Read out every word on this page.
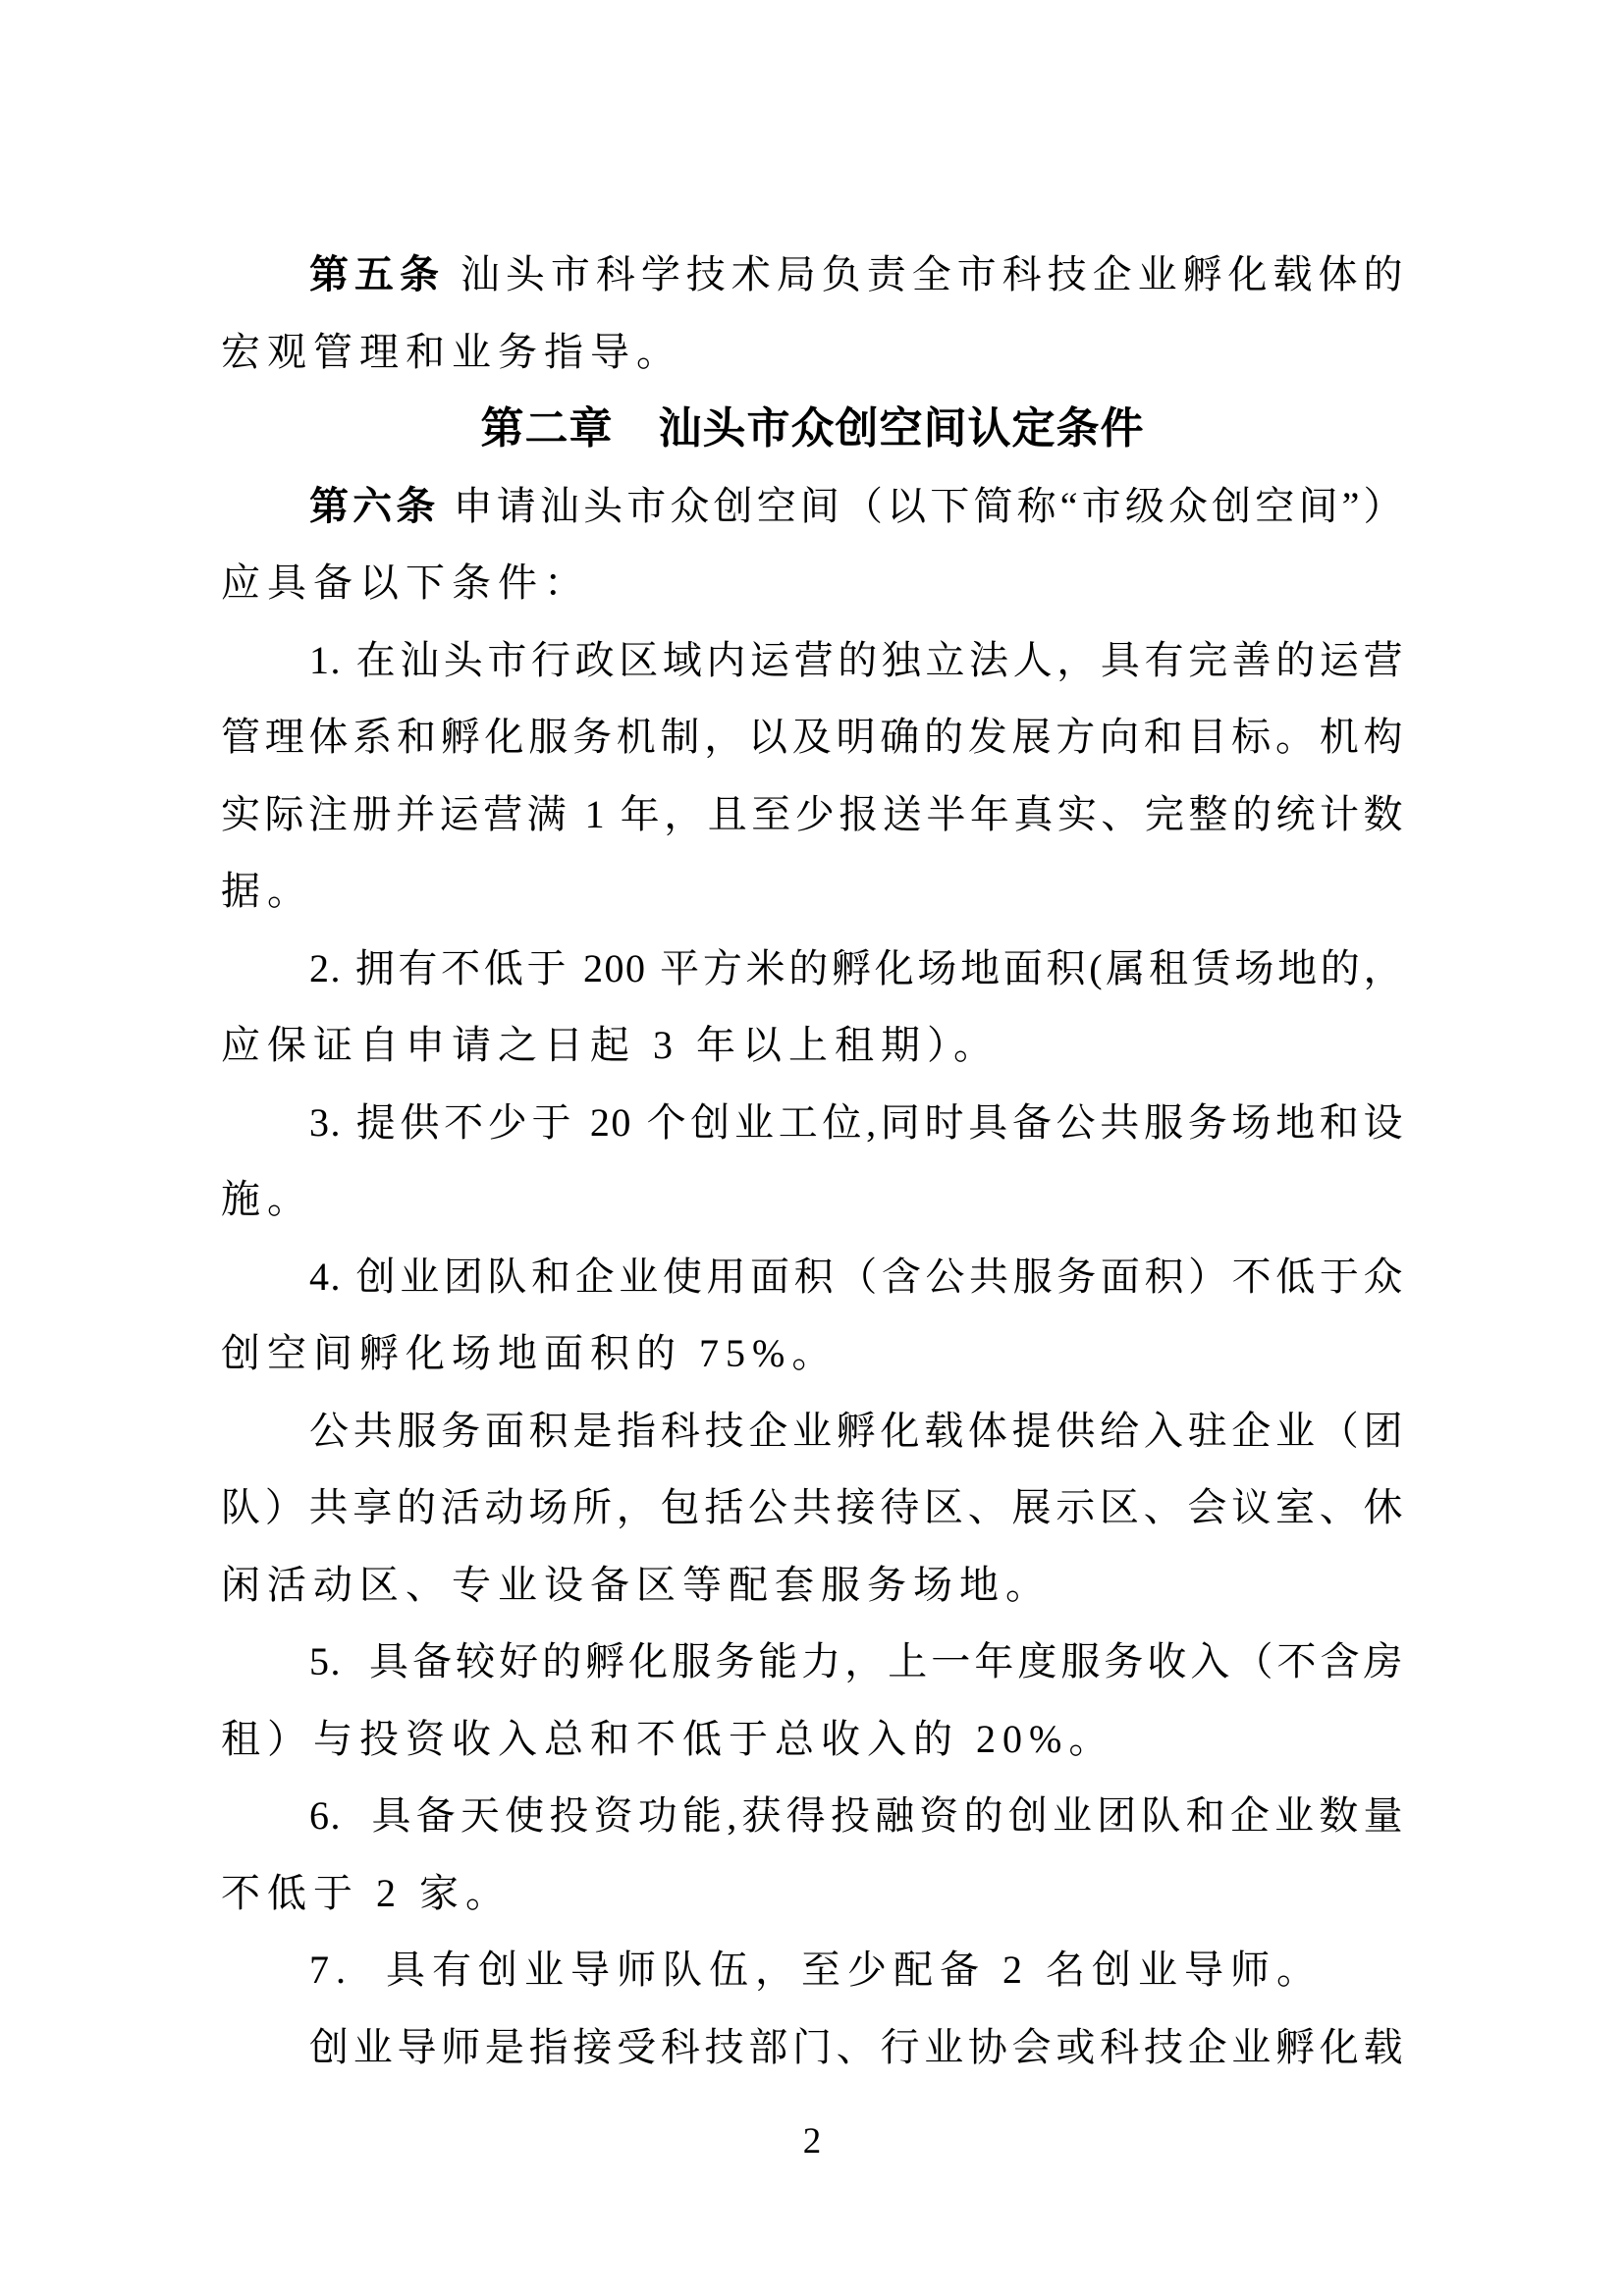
第五条 汕头市科学技术局负责全市科技企业孵化载体的
宏观管理和业务指导。
第二章 汕头市众创空间认定条件
第六条 申请汕头市众创空间（以下简称“市级众创空间”）
应具备以下条件：
1. 在汕头市行政区域内运营的独立法人，具有完善的运营
管理体系和孵化服务机制，以及明确的发展方向和目标。机构
实际注册并运营满 1 年，且至少报送半年真实、完整的统计数
据。
2. 拥有不低于 200 平方米的孵化场地面积(属租赁场地的，
应保证自申请之日起 3 年以上租期）。
3. 提供不少于 20 个创业工位,同时具备公共服务场地和设
施。
4. 创业团队和企业使用面积（含公共服务面积）不低于众
创空间孵化场地面积的 75%。
公共服务面积是指科技企业孵化载体提供给入驻企业（团
队）共享的活动场所，包括公共接待区、展示区、会议室、休
闲活动区、专业设备区等配套服务场地。
5.  具备较好的孵化服务能力，上一年度服务收入（不含房
租）与投资收入总和不低于总收入的 20%。
6.  具备天使投资功能,获得投融资的创业团队和企业数量
不低于 2 家。
7.  具有创业导师队伍，至少配备 2 名创业导师。
创业导师是指接受科技部门、行业协会或科技企业孵化载
2
